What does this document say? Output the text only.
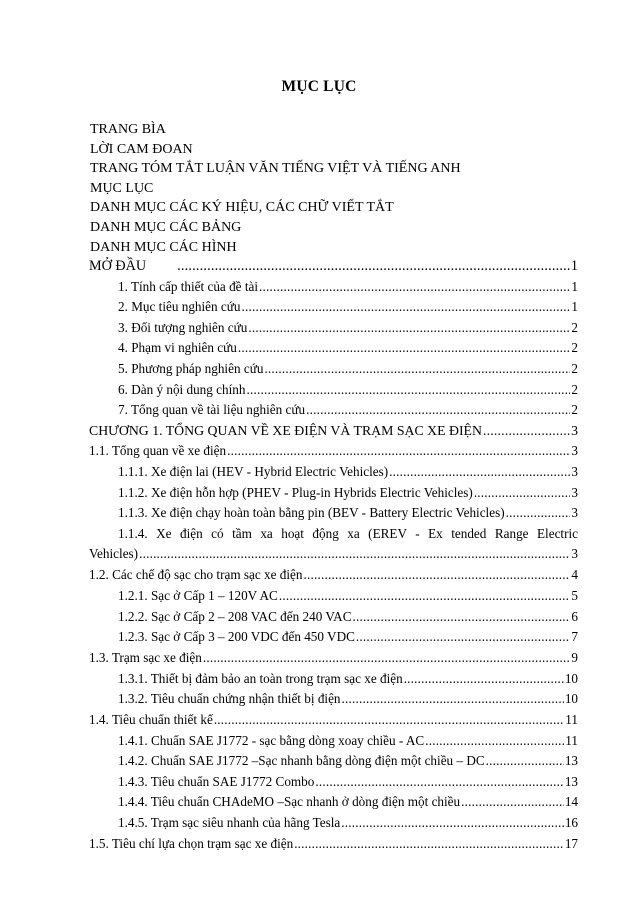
MỤC LỤC
TRANG BÌA
LỜI CAM ĐOAN
TRANG TÓM TẮT LUẬN VĂN TIẾNG VIỆT VÀ TIẾNG ANH
MỤC LỤC
DANH MỤC CÁC KÝ HIỆU, CÁC CHỮ VIẾT TẮT
DANH MỤC CÁC BẢNG
DANH MỤC CÁC HÌNH
MỞ ĐẦU .....	1
1. Tính cấp thiết của đề tài .....	1
2. Mục tiêu nghiên cứu .....	1
3. Đối tượng nghiên cứu .....	2
4. Phạm vi nghiên cứu .....	2
5. Phương pháp nghiên cứu .....	2
6. Dàn ý nội dung chính .....	2
7. Tổng quan về tài liệu nghiên cứu .....	2
CHƯƠNG 1. TỔNG QUAN VỀ XE ĐIỆN VÀ TRẠM SẠC XE ĐIỆN .....	3
1.1. Tổng quan về xe điện .....	3
1.1.1. Xe điện lai (HEV - Hybrid Electric Vehicles) .....	3
1.1.2. Xe điện hỗn hợp (PHEV - Plug-in Hybrids Electric Vehicles) .....	3
1.1.3. Xe điện chạy hoàn toàn bằng pin (BEV - Battery Electric Vehicles) .....	3
1.1.4. Xe điện có tầm xa hoạt động xa (EREV - Ex tended Range Electric
Vehicles) .....	3
1.2. Các chế độ sạc cho trạm sạc xe điện .....	4
1.2.1. Sạc ở Cấp 1 – 120V AC .....	5
1.2.2. Sạc ở Cấp 2 – 208 VAC đến 240 VAC .....	6
1.2.3. Sạc ở Cấp 3 – 200 VDC đến 450 VDC .....	7
1.3. Trạm sạc xe điện .....	9
1.3.1. Thiết bị đảm bảo an toàn trong trạm sạc xe điện .....	10
1.3.2. Tiêu chuẩn chứng nhận thiết bị điện .....	10
1.4. Tiêu chuẩn thiết kế .....	11
1.4.1. Chuẩn SAE J1772 - sạc bằng dòng xoay chiều - AC .....	11
1.4.2. Chuẩn SAE J1772 –Sạc nhanh bằng dòng điện một chiều – DC .....	13
1.4.3. Tiêu chuẩn SAE J1772 Combo .....	13
1.4.4. Tiêu chuẩn CHAdeMO –Sạc nhanh ở dòng điện một chiều .....	14
1.4.5. Trạm sạc siêu nhanh của hãng Tesla .....	16
1.5. Tiêu chí lựa chọn trạm sạc xe điện .....	17
